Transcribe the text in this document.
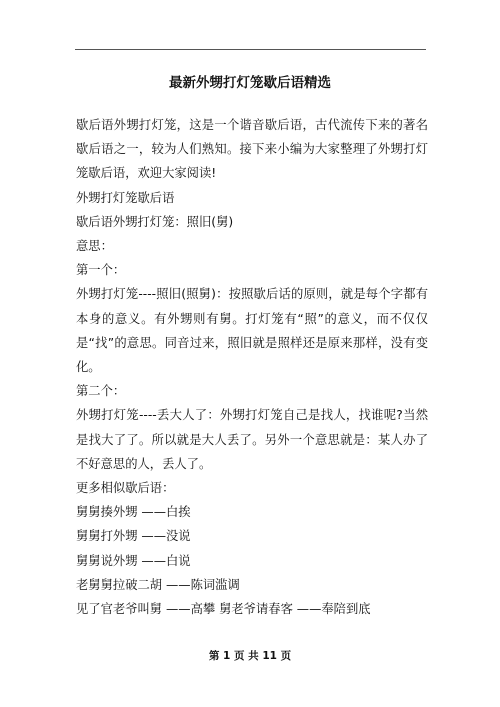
最新外甥打灯笼歇后语精选

歇后语外甥打灯笼，这是一个谐音歇后语，古代流传下来的著名歇后语之一，较为人们熟知。接下来小编为大家整理了外甥打灯笼歇后语，欢迎大家阅读!

外甥打灯笼歇后语

歇后语外甥打灯笼：照旧(舅)

意思：

第一个：

外甥打灯笼----照旧(照舅)：按照歇后话的原则，就是每个字都有本身的意义。有外甥则有舅。打灯笼有“照”的意义，而不仅仅是“找”的意思。同音过来，照旧就是照样还是原来那样，没有变化。

第二个：

外甥打灯笼----丢大人了：外甥打灯笼自己是找人，找谁呢?当然是找大了了。所以就是大人丢了。另外一个意思就是：某人办了不好意思的人，丢人了。

更多相似歇后语：

舅舅揍外甥 ——白挨

舅舅打外甥 ——没说

舅舅说外甥 ——白说

老舅舅拉破二胡 ——陈词滥调

见了官老爷叫舅 ——高攀 舅老爷请春客 ——奉陪到底

第 1 页 共 11 页
